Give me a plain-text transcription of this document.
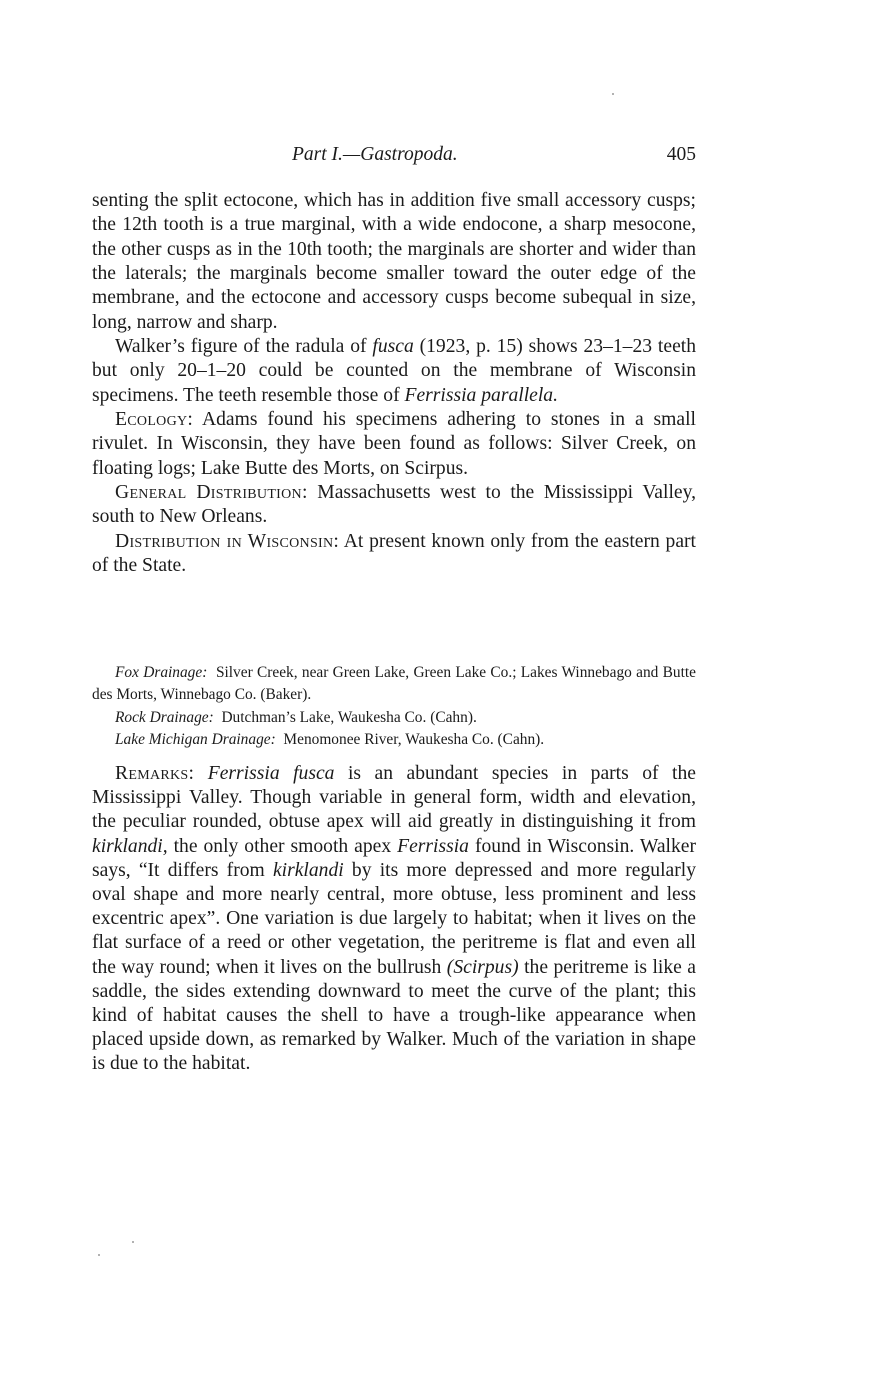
Part I.—Gastropoda.	405

senting the split ectocone, which has in addition five small accessory cusps; the 12th tooth is a true marginal, with a wide endocone, a sharp mesocone, the other cusps as in the 10th tooth; the marginals are shorter and wider than the laterals; the marginals become smaller toward the outer edge of the membrane, and the ectocone and accessory cusps become subequal in size, long, narrow and sharp.

Walker’s figure of the radula of fusca (1923, p. 15) shows 23–1–23 teeth but only 20–1–20 could be counted on the membrane of Wisconsin specimens. The teeth resemble those of Ferrissia parallela.

Ecology: Adams found his specimens adhering to stones in a small rivulet. In Wisconsin, they have been found as follows: Silver Creek, on floating logs; Lake Butte des Morts, on Scirpus.

General Distribution: Massachusetts west to the Mississippi Valley, south to New Orleans.

Distribution in Wisconsin: At present known only from the eastern part of the State.

Fox Drainage: Silver Creek, near Green Lake, Green Lake Co.; Lakes Winnebago and Butte des Morts, Winnebago Co. (Baker).

Rock Drainage: Dutchman’s Lake, Waukesha Co. (Cahn).

Lake Michigan Drainage: Menomonee River, Waukesha Co. (Cahn).

Remarks: Ferrissia fusca is an abundant species in parts of the Mississippi Valley. Though variable in general form, width and elevation, the peculiar rounded, obtuse apex will aid greatly in distinguishing it from kirklandi, the only other smooth apex Ferrissia found in Wisconsin. Walker says, “It differs from kirklandi by its more depressed and more regularly oval shape and more nearly central, more obtuse, less prominent and less excentric apex”. One variation is due largely to habitat; when it lives on the flat surface of a reed or other vegetation, the peritreme is flat and even all the way round; when it lives on the bullrush (Scirpus) the peritreme is like a saddle, the sides extending downward to meet the curve of the plant; this kind of habitat causes the shell to have a trough-like appearance when placed upside down, as remarked by Walker. Much of the variation in shape is due to the habitat.
